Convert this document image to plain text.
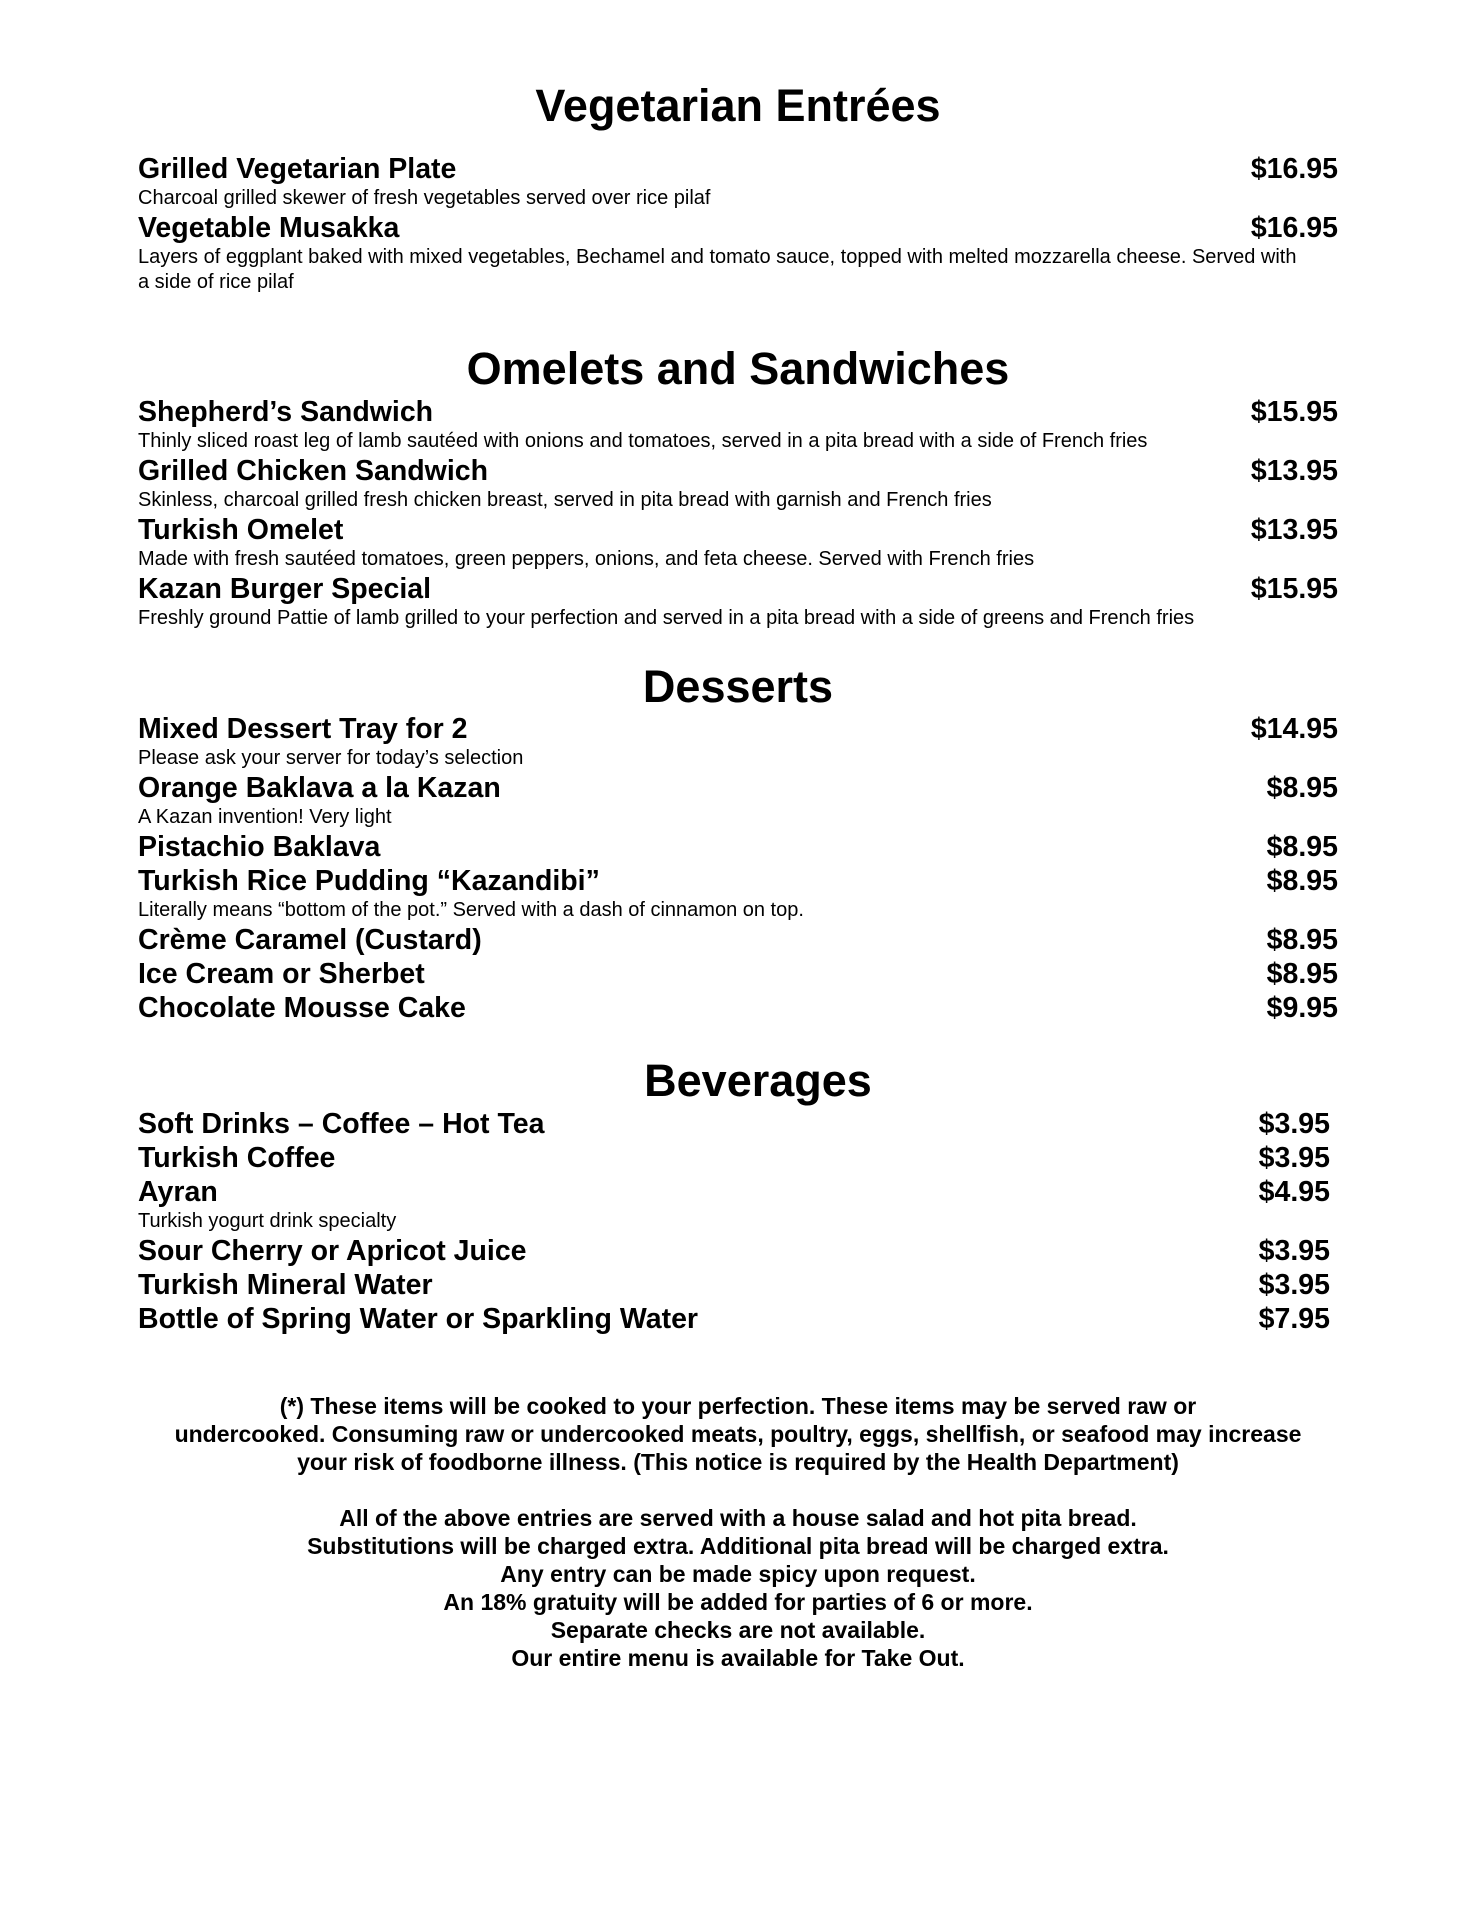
Vegetarian Entrées
Grilled Vegetarian Plate	$16.95
Charcoal grilled skewer of fresh vegetables served over rice pilaf
Vegetable Musakka	$16.95
Layers of eggplant baked with mixed vegetables, Bechamel and tomato sauce, topped with melted mozzarella cheese. Served with a side of rice pilaf
Omelets and Sandwiches
Shepherd’s Sandwich	$15.95
Thinly sliced roast leg of lamb sautéed with onions and tomatoes, served in a pita bread with a side of French fries
Grilled Chicken Sandwich	$13.95
Skinless, charcoal grilled fresh chicken breast, served in pita bread with garnish and French fries
Turkish Omelet	$13.95
Made with fresh sautéed tomatoes, green peppers, onions, and feta cheese. Served with French fries
Kazan Burger Special	$15.95
Freshly ground Pattie of lamb grilled to your perfection and served in a pita bread with a side of greens and French fries
Desserts
Mixed Dessert Tray for 2	$14.95
Please ask your server for today’s selection
Orange Baklava a la Kazan	$8.95
A Kazan invention! Very light
Pistachio Baklava	$8.95
Turkish Rice Pudding “Kazandibi”	$8.95
Literally means “bottom of the pot.” Served with a dash of cinnamon on top.
Crème Caramel (Custard)	$8.95
Ice Cream or Sherbet	$8.95
Chocolate Mousse Cake	$9.95
Beverages
Soft Drinks – Coffee – Hot Tea	$3.95
Turkish Coffee	$3.95
Ayran	$4.95
Turkish yogurt drink specialty
Sour Cherry or Apricot Juice	$3.95
Turkish Mineral Water	$3.95
Bottle of Spring Water or Sparkling Water	$7.95
(*) These items will be cooked to your perfection. These items may be served raw or
undercooked. Consuming raw or undercooked meats, poultry, eggs, shellfish, or seafood may increase
your risk of foodborne illness. (This notice is required by the Health Department)
All of the above entries are served with a house salad and hot pita bread.
Substitutions will be charged extra. Additional pita bread will be charged extra.
Any entry can be made spicy upon request.
An 18% gratuity will be added for parties of 6 or more.
Separate checks are not available.
Our entire menu is available for Take Out.
